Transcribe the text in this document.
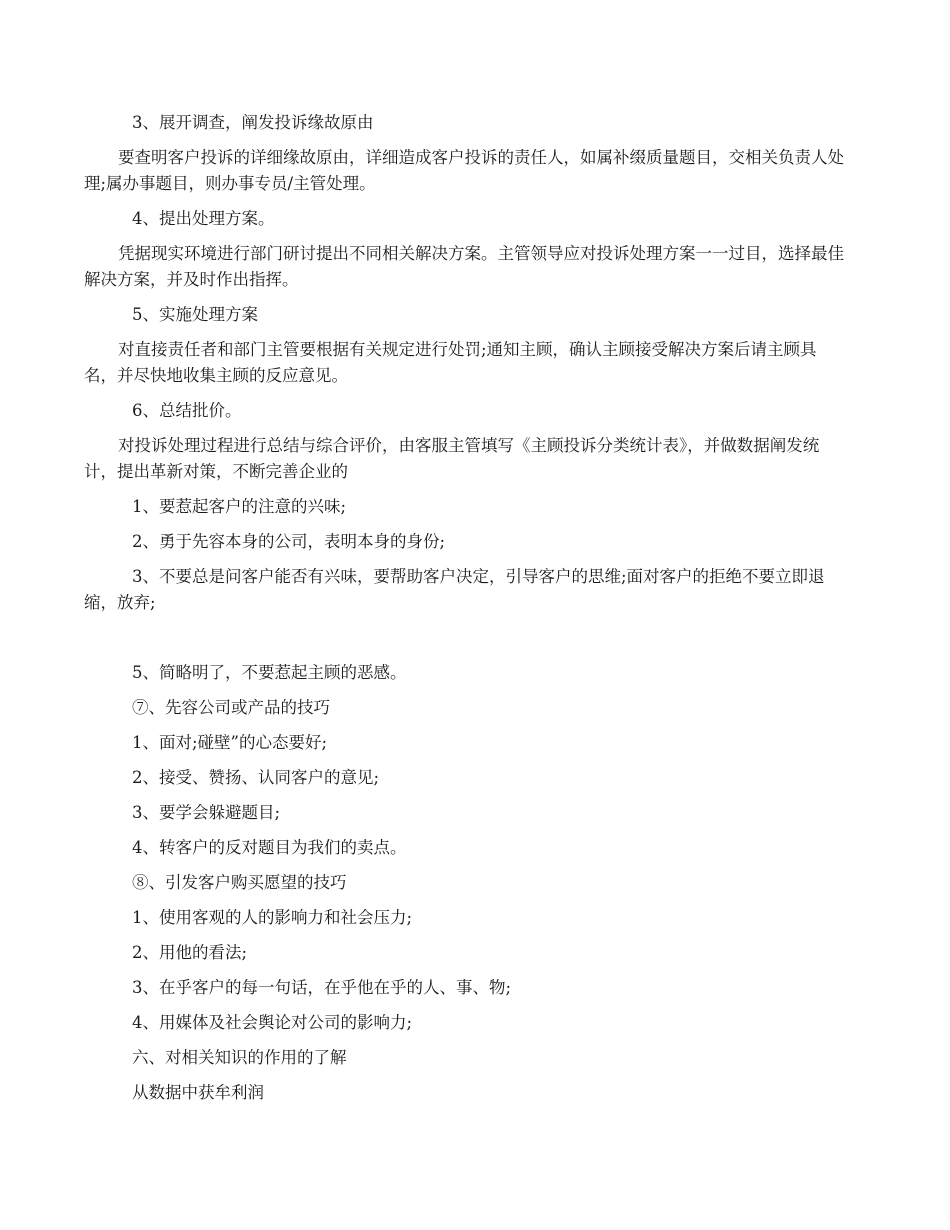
3、展开调查，阐发投诉缘故原由

要查明客户投诉的详细缘故原由，详细造成客户投诉的责任人，如属补缀质量题目，交相关负责人处理;属办事题目，则办事专员/主管处理。

4、提出处理方案。

凭据现实环境进行部门研讨提出不同相关解决方案。主管领导应对投诉处理方案一一过目，选择最佳解决方案，并及时作出指挥。

5、实施处理方案

对直接责任者和部门主管要根据有关规定进行处罚;通知主顾，确认主顾接受解决方案后请主顾具名，并尽快地收集主顾的反应意见。

6、总结批价。

对投诉处理过程进行总结与综合评价，由客服主管填写《主顾投诉分类统计表》，并做数据阐发统计，提出革新对策，不断完善企业的

1、要惹起客户的注意的兴味;

2、勇于先容本身的公司，表明本身的身份;

3、不要总是问客户能否有兴味，要帮助客户决定，引导客户的思维;面对客户的拒绝不要立即退缩，放弃;

5、简略明了，不要惹起主顾的恶感。

⑦、先容公司或产品的技巧

1、面对;碰壁”的心态要好;

2、接受、赞扬、认同客户的意见;

3、要学会躲避题目;

4、转客户的反对题目为我们的卖点。

⑧、引发客户购买愿望的技巧

1、使用客观的人的影响力和社会压力;

2、用他的看法;

3、在乎客户的每一句话，在乎他在乎的人、事、物;

4、用媒体及社会舆论对公司的影响力;

六、对相关知识的作用的了解

从数据中获牟利润
